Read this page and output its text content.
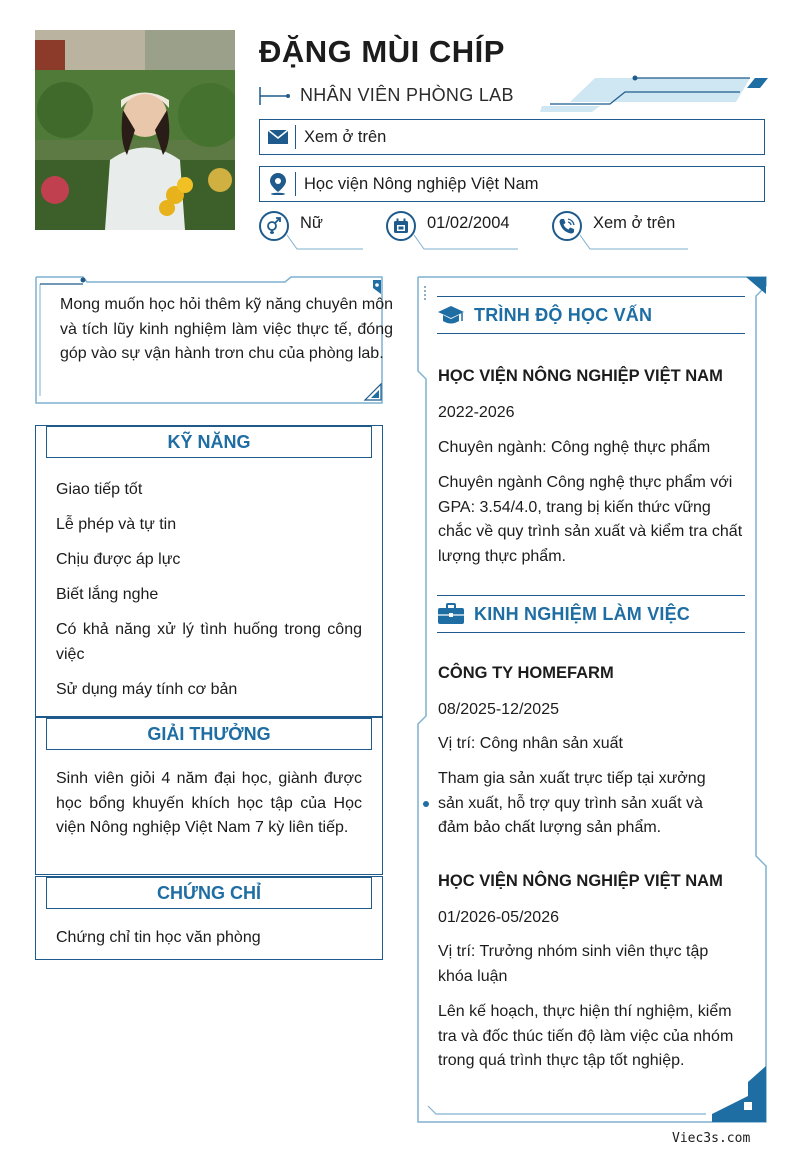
ĐẶNG MÙI CHÍP
NHÂN VIÊN PHÒNG LAB
Xem ở trên
Học viện Nông nghiệp Việt Nam
Nữ	01/02/2004	Xem ở trên

Mong muốn học hỏi thêm kỹ năng chuyên môn và tích lũy kinh nghiệm làm việc thực tế, đóng góp vào sự vận hành trơn chu của phòng lab.

KỸ NĂNG
Giao tiếp tốt
Lễ phép và tự tin
Chịu được áp lực
Biết lắng nghe
Có khả năng xử lý tình huống trong công việc
Sử dụng máy tính cơ bản
GIẢI THƯỞNG
Sinh viên giỏi 4 năm đại học, giành được học bổng khuyến khích học tập của Học viện Nông nghiệp Việt Nam 7 kỳ liên tiếp.
CHỨNG CHỈ
Chứng chỉ tin học văn phòng
TRÌNH ĐỘ HỌC VẤN
HỌC VIỆN NÔNG NGHIỆP VIỆT NAM
2022-2026
Chuyên ngành: Công nghệ thực phẩm
Chuyên ngành Công nghệ thực phẩm với GPA: 3.54/4.0, trang bị kiến thức vững chắc về quy trình sản xuất và kiểm tra chất lượng thực phẩm.
KINH NGHIỆM LÀM VIỆC
CÔNG TY HOMEFARM
08/2025-12/2025
Vị trí: Công nhân sản xuất
Tham gia sản xuất trực tiếp tại xưởng sản xuất, hỗ trợ quy trình sản xuất và đảm bảo chất lượng sản phẩm.
HỌC VIỆN NÔNG NGHIỆP VIỆT NAM
01/2026-05/2026
Vị trí: Trưởng nhóm sinh viên thực tập khóa luận
Lên kế hoạch, thực hiện thí nghiệm, kiểm tra và đốc thúc tiến độ làm việc của nhóm trong quá trình thực tập tốt nghiệp.
Viec3s.com
